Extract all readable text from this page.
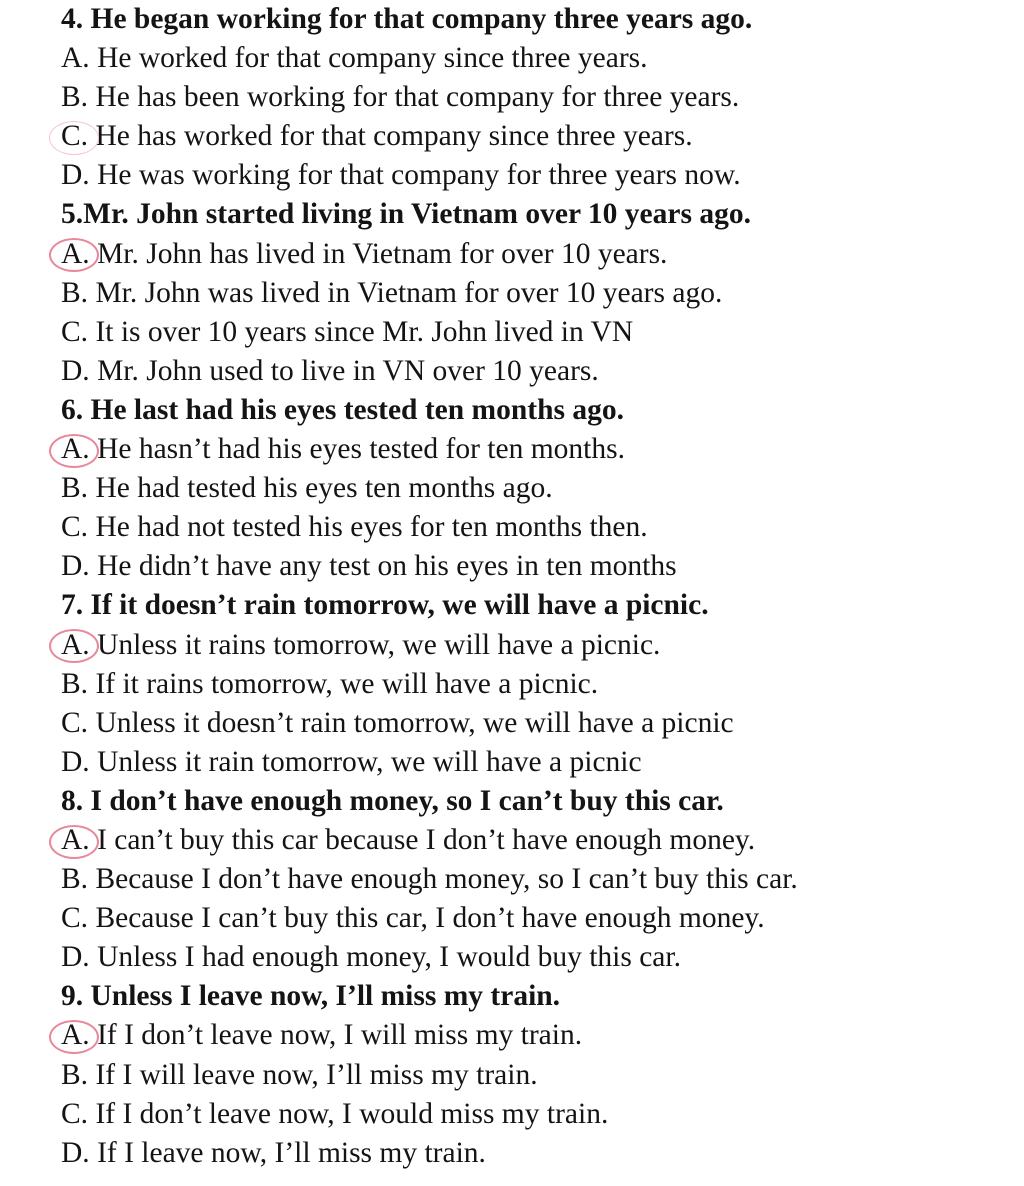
4. He began working for that company three years ago.
A. He worked for that company since three years.
B. He has been working for that company for three years.
C.
He has worked for that company since three years.
D. He was working for that company for three years now.
5.Mr. John started living in Vietnam over 10 years ago.
A.
Mr. John has lived in Vietnam for over 10 years.
B. Mr. John was lived in Vietnam for over 10 years ago.
C. It is over 10 years since Mr. John lived in VN
D. Mr. John used to live in VN over 10 years.
6. He last had his eyes tested ten months ago.
A.
He hasn’t had his eyes tested for ten months.
B. He had tested his eyes ten months ago.
C. He had not tested his eyes for ten months then.
D. He didn’t have any test on his eyes in ten months
7. If it doesn’t rain tomorrow, we will have a picnic.
A.
Unless it rains tomorrow, we will have a picnic.
B. If it rains tomorrow, we will have a picnic.
C. Unless it doesn’t rain tomorrow, we will have a picnic
D. Unless it rain tomorrow, we will have a picnic
8. I don’t have enough money, so I can’t buy this car.
A.
I can’t buy this car because I don’t have enough money.
B. Because I don’t have enough money, so I can’t buy this car.
C. Because I can’t buy this car, I don’t have enough money.
D. Unless I had enough money, I would buy this car.
9. Unless I leave now, I’ll miss my train.
A.
If I don’t leave now, I will miss my train.
B. If I will leave now, I’ll miss my train.
C. If I don’t leave now, I would miss my train.
D. If I leave now, I’ll miss my train.
